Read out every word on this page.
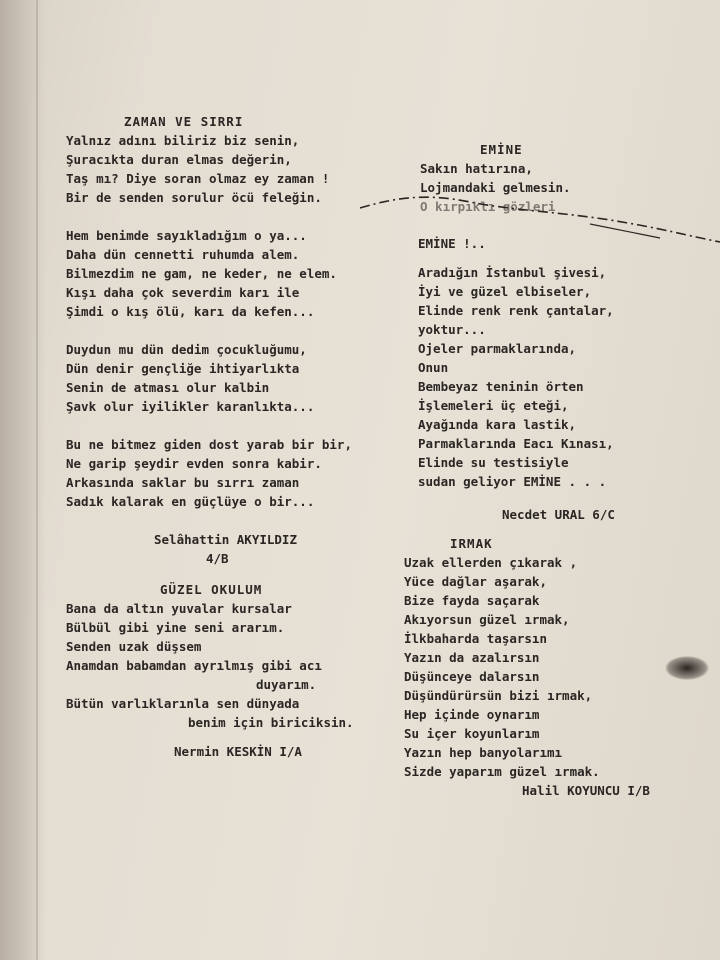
ZAMAN VE SIRRI
Yalnız adını biliriz biz senin,
Şuracıkta duran elmas değerin,
Taş mı? Diye soran olmaz ey zaman !
Bir de senden sorulur öcü feleğin.
Hem benimde sayıkladığım o ya...
Daha dün cennetti ruhumda alem.
Bilmezdim ne gam, ne keder, ne elem.
Kışı daha çok severdim karı ile
Şimdi o kış ölü, karı da kefen...
Duydun mu dün dedim çocukluğumu,
Dün denir gençliğe ihtiyarlıkta
Senin de atması olur kalbin
Şavk olur iyilikler karanlıkta...
Bu ne bitmez giden dost yarab bir bir,
Ne garip şeydir evden sonra kabir.
Arkasında saklar bu sırrı zaman
Sadık kalarak en güçlüye o bir...
Selâhattin AKYILDIZ
4/B
GÜZEL OKULUM
Bana da altın yuvalar kursalar
Bülbül gibi yine seni ararım.
Senden uzak düşsem
Anamdan babamdan ayrılmış gibi acı
duyarım.
Bütün varlıklarınla sen dünyada
benim için biriciksin.
Nermin KESKİN I/A
EMİNE
Sakın hatırına,
Lojmandaki gelmesin.
O kırpıklı gözleri
EMİNE !..
Aradığın İstanbul şivesi,
İyi ve güzel elbiseler,
Elinde renk renk çantalar,
yoktur...
Ojeler parmaklarında,
Onun
Bembeyaz teninin örten
İşlemeleri üç eteği,
Ayağında kara lastik,
Parmaklarında Eacı Kınası,
Elinde su testisiyle
sudan geliyor EMİNE . . .
Necdet URAL 6/C
IRMAK
Uzak ellerden çıkarak ,
Yüce dağlar aşarak,
Bize fayda saçarak
Akıyorsun güzel ırmak,
İlkbaharda taşarsın
Yazın da azalırsın
Düşünceye dalarsın
Düşündürürsün bizi ırmak,
Hep içinde oynarım
Su içer koyunlarım
Yazın hep banyolarımı
Sizde yaparım güzel ırmak.
Halil KOYUNCU I/B
